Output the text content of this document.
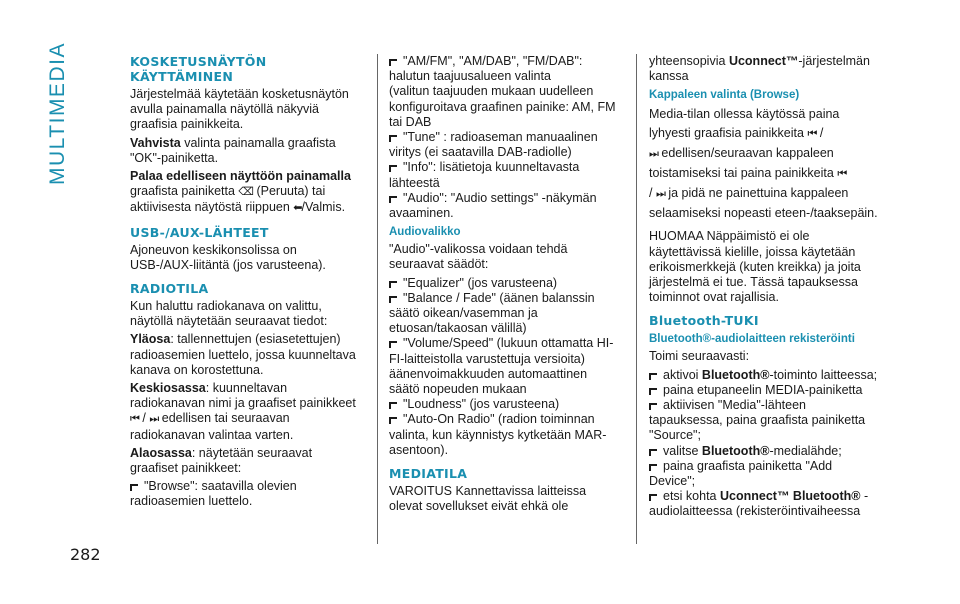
MULTIMEDIA
282
KOSKETUSNÄYTÖN KÄYTTÄMINEN

Järjestelmää käytetään kosketusnäytön avulla painamalla näytöllä näkyviä graafisia painikkeita.

Vahvista valinta painamalla graafista "OK"-painiketta.

Palaa edelliseen näyttöön painamalla
graafista painiketta ⌫ (Peruuta) tai aktiivisesta näytöstä riippuen ⬅/Valmis.

USB-/AUX-LÄHTEET

Ajoneuvon keskikonsolissa on USB-/AUX-liitäntä (jos varusteena).

RADIOTILA

Kun haluttu radiokanava on valittu, näytöllä näytetään seuraavat tiedot:

Yläosa: tallennettujen (esiasetettujen) radioasemien luettelo, jossa kuunneltava kanava on korostettuna.

Keskiosassa: kuunneltavan radiokanavan nimi ja graafiset painikkeet ⏮ / ⏭ edellisen tai seuraavan radiokanavan valintaa varten.

Alaosassa: näytetään seuraavat graafiset painikkeet:

"Browse": saatavilla olevien radioasemien luettelo.

"AM/FM", "AM/DAB", "FM/DAB": halutun taajuusalueen valinta
(valitun taajuuden mukaan uudelleen konfiguroitava graafinen painike: AM, FM tai DAB

"Tune" : radioaseman manuaalinen viritys (ei saatavilla DAB-radiolle)

"Info": lisätietoja kuunneltavasta lähteestä

"Audio": "Audio settings" -näkymän avaaminen.

Audiovalikko

"Audio"-valikossa voidaan tehdä seuraavat säädöt:

"Equalizer" (jos varusteena)

"Balance / Fade" (äänen balanssin säätö oikean/vasemman ja etuosan/takaosan välillä)

"Volume/Speed" (lukuun ottamatta HI-FI-laitteistolla varustettuja versioita) äänenvoimakkuuden automaattinen säätö nopeuden mukaan

"Loudness" (jos varusteena)

"Auto-On Radio" (radion toiminnan valinta, kun käynnistys kytketään MAR-asentoon).

MEDIATILA

VAROITUS Kannettavissa laitteissa olevat sovellukset eivät ehkä ole

yhteensopivia Uconnect™-järjestelmän kanssa

Kappaleen valinta (Browse)

Media-tilan ollessa käytössä paina lyhyesti graafisia painikkeita ⏮ /
⏭ edellisen/seuraavan kappaleen
toistamiseksi tai paina painikkeita ⏮
/ ⏭ ja pidä ne painettuina kappaleen selaamiseksi nopeasti eteen-/taaksepäin.

HUOMAA Näppäimistö ei ole käytettävissä kielille, joissa käytetään erikoismerkkejä (kuten kreikka) ja joita järjestelmä ei tue. Tässä tapauksessa toiminnot ovat rajallisia.

Bluetooth-TUKI
Bluetooth®-audiolaitteen rekisteröinti

Toimi seuraavasti:

aktivoi Bluetooth®-toiminto laitteessa;

paina etupaneelin MEDIA-painiketta

aktiivisen "Media"-lähteen tapauksessa, paina graafista painiketta "Source";

valitse Bluetooth®-medialähde;

paina graafista painiketta "Add Device";

etsi kohta Uconnect™ Bluetooth® -
audiolaitteessa (rekisteröintivaiheessa
